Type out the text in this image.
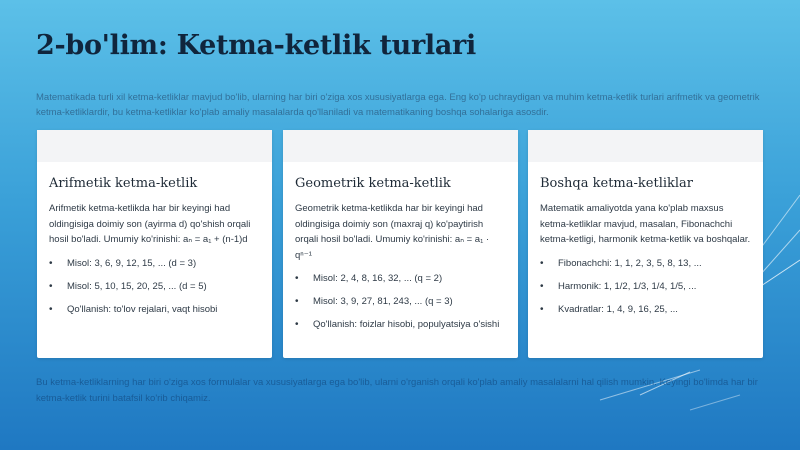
2-bo'lim: Ketma-ketlik turlari

Matematikada turli xil ketma-ketliklar mavjud bo'lib, ularning har biri o'ziga xos xususiyatlarga ega. Eng ko'p uchraydigan va muhim ketma-ketlik turlari arifmetik va geometrik ketma-ketliklardir, bu ketma-ketliklar ko'plab amaliy masalalarda qo'llaniladi va matematikaning boshqa sohalariga asosdir.

Arifmetik ketma-ketlik
Arifmetik ketma-ketlikda har bir keyingi had oldingisiga doimiy son (ayirma d) qo'shish orqali hosil bo'ladi. Umumiy ko'rinishi: aₙ = a₁ + (n-1)d
• Misol: 3, 6, 9, 12, 15, ... (d = 3)
• Misol: 5, 10, 15, 20, 25, ... (d = 5)
• Qo'llanish: to'lov rejalari, vaqt hisobi
Geometrik ketma-ketlik
Geometrik ketma-ketlikda har bir keyingi had oldingisiga doimiy son (maxraj q) ko'paytirish orqali hosil bo'ladi. Umumiy ko'rinishi: aₙ = a₁ · qⁿ⁻¹
• Misol: 2, 4, 8, 16, 32, ... (q = 2)
• Misol: 3, 9, 27, 81, 243, ... (q = 3)
• Qo'llanish: foizlar hisobi, populyatsiya o'sishi
Boshqa ketma-ketliklar
Matematik amaliyotda yana ko'plab maxsus ketma-ketliklar mavjud, masalan, Fibonachchi ketma-ketligi, harmonik ketma-ketlik va boshqalar.
• Fibonachchi: 1, 1, 2, 3, 5, 8, 13, ...
• Harmonik: 1, 1/2, 1/3, 1/4, 1/5, ...
• Kvadratlar: 1, 4, 9, 16, 25, ...

Bu ketma-ketliklarning har biri o'ziga xos formulalar va xususiyatlarga ega bo'lib, ularni o'rganish orqali ko'plab amaliy masalalarni hal qilish mumkin. Keyingi bo'limda har bir ketma-ketlik turini batafsil ko'rib chiqamiz.
